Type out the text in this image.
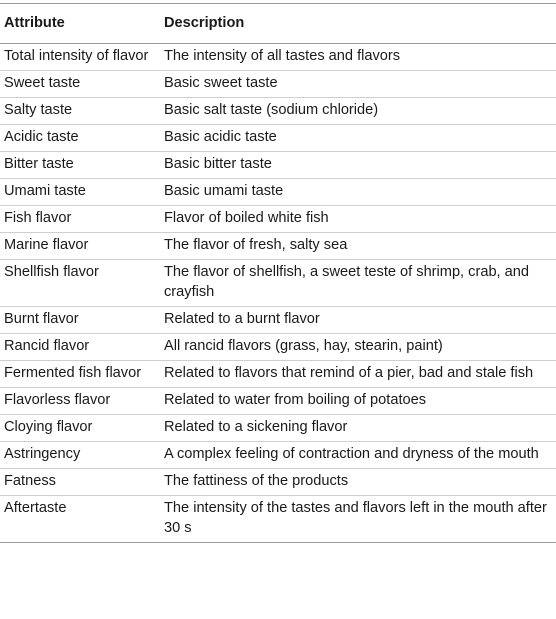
Attribute	Description
Total intensity of flavor	The intensity of all tastes and flavors
Sweet taste	Basic sweet taste
Salty taste	Basic salt taste (sodium chloride)
Acidic taste	Basic acidic taste
Bitter taste	Basic bitter taste
Umami taste	Basic umami taste
Fish flavor	Flavor of boiled white fish
Marine flavor	The flavor of fresh, salty sea
Shellfish flavor	The flavor of shellfish, a sweet teste of shrimp, crab, and crayfish
Burnt flavor	Related to a burnt flavor
Rancid flavor	All rancid flavors (grass, hay, stearin, paint)
Fermented fish flavor	Related to flavors that remind of a pier, bad and stale fish
Flavorless flavor	Related to water from boiling of potatoes
Cloying flavor	Related to a sickening flavor
Astringency	A complex feeling of contraction and dryness of the mouth
Fatness	The fattiness of the products
Aftertaste	The intensity of the tastes and flavors left in the mouth after 30 s
